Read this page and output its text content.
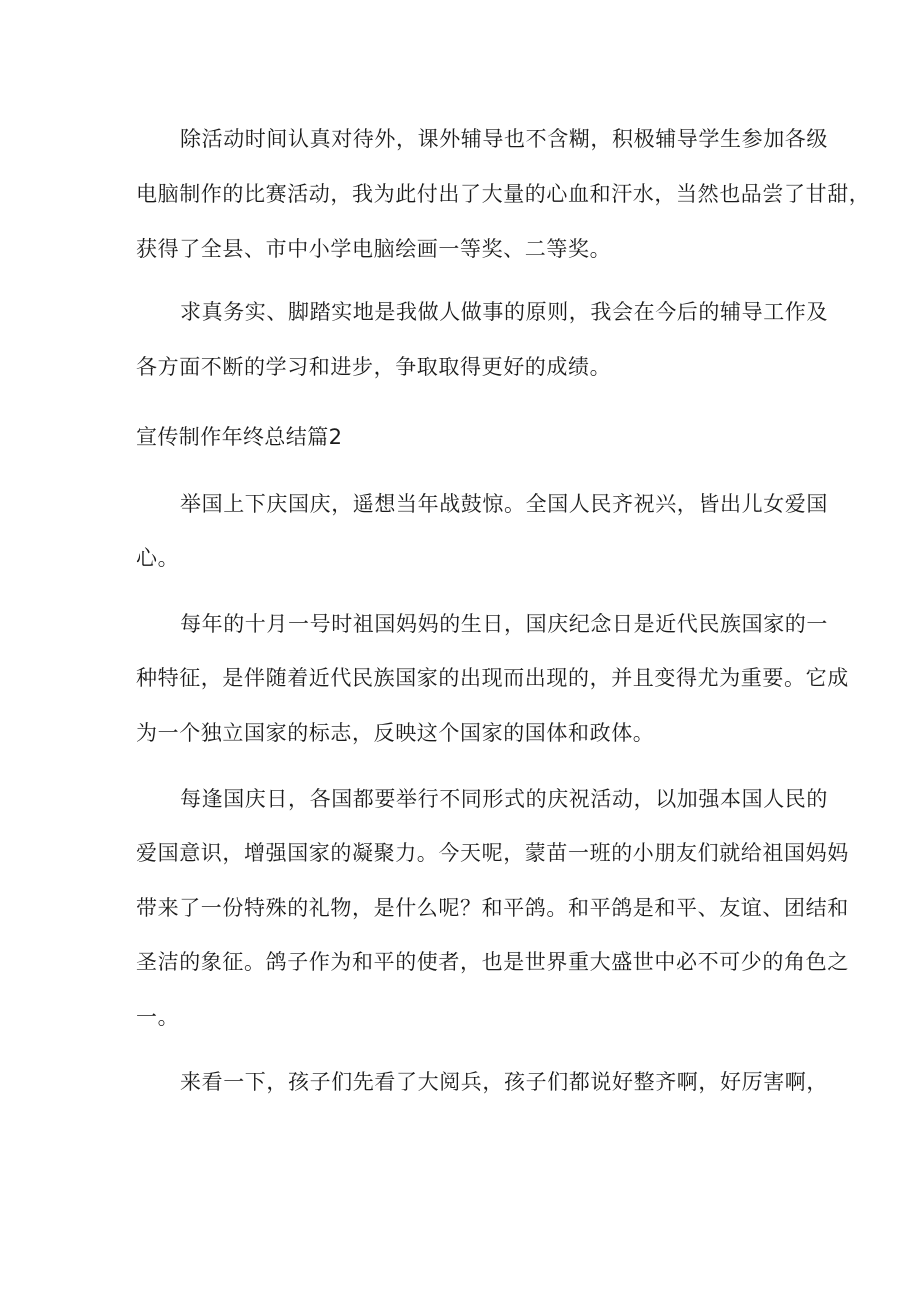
除活动时间认真对待外，课外辅导也不含糊，积极辅导学生参加各级
电脑制作的比赛活动，我为此付出了大量的心血和汗水，当然也品尝了甘甜，
获得了全县、市中小学电脑绘画一等奖、二等奖。
求真务实、脚踏实地是我做人做事的原则，我会在今后的辅导工作及
各方面不断的学习和进步，争取取得更好的成绩。
宣传制作年终总结篇2
举国上下庆国庆，遥想当年战鼓惊。全国人民齐祝兴，皆出儿女爱国
心。
每年的十月一号时祖国妈妈的生日，国庆纪念日是近代民族国家的一
种特征，是伴随着近代民族国家的出现而出现的，并且变得尤为重要。它成
为一个独立国家的标志，反映这个国家的国体和政体。
每逢国庆日，各国都要举行不同形式的庆祝活动，以加强本国人民的
爱国意识，增强国家的凝聚力。今天呢，蒙苗一班的小朋友们就给祖国妈妈
带来了一份特殊的礼物，是什么呢？和平鸽。和平鸽是和平、友谊、团结和
圣洁的象征。鸽子作为和平的使者，也是世界重大盛世中必不可少的角色之
一。
来看一下，孩子们先看了大阅兵，孩子们都说好整齐啊，好厉害啊，
